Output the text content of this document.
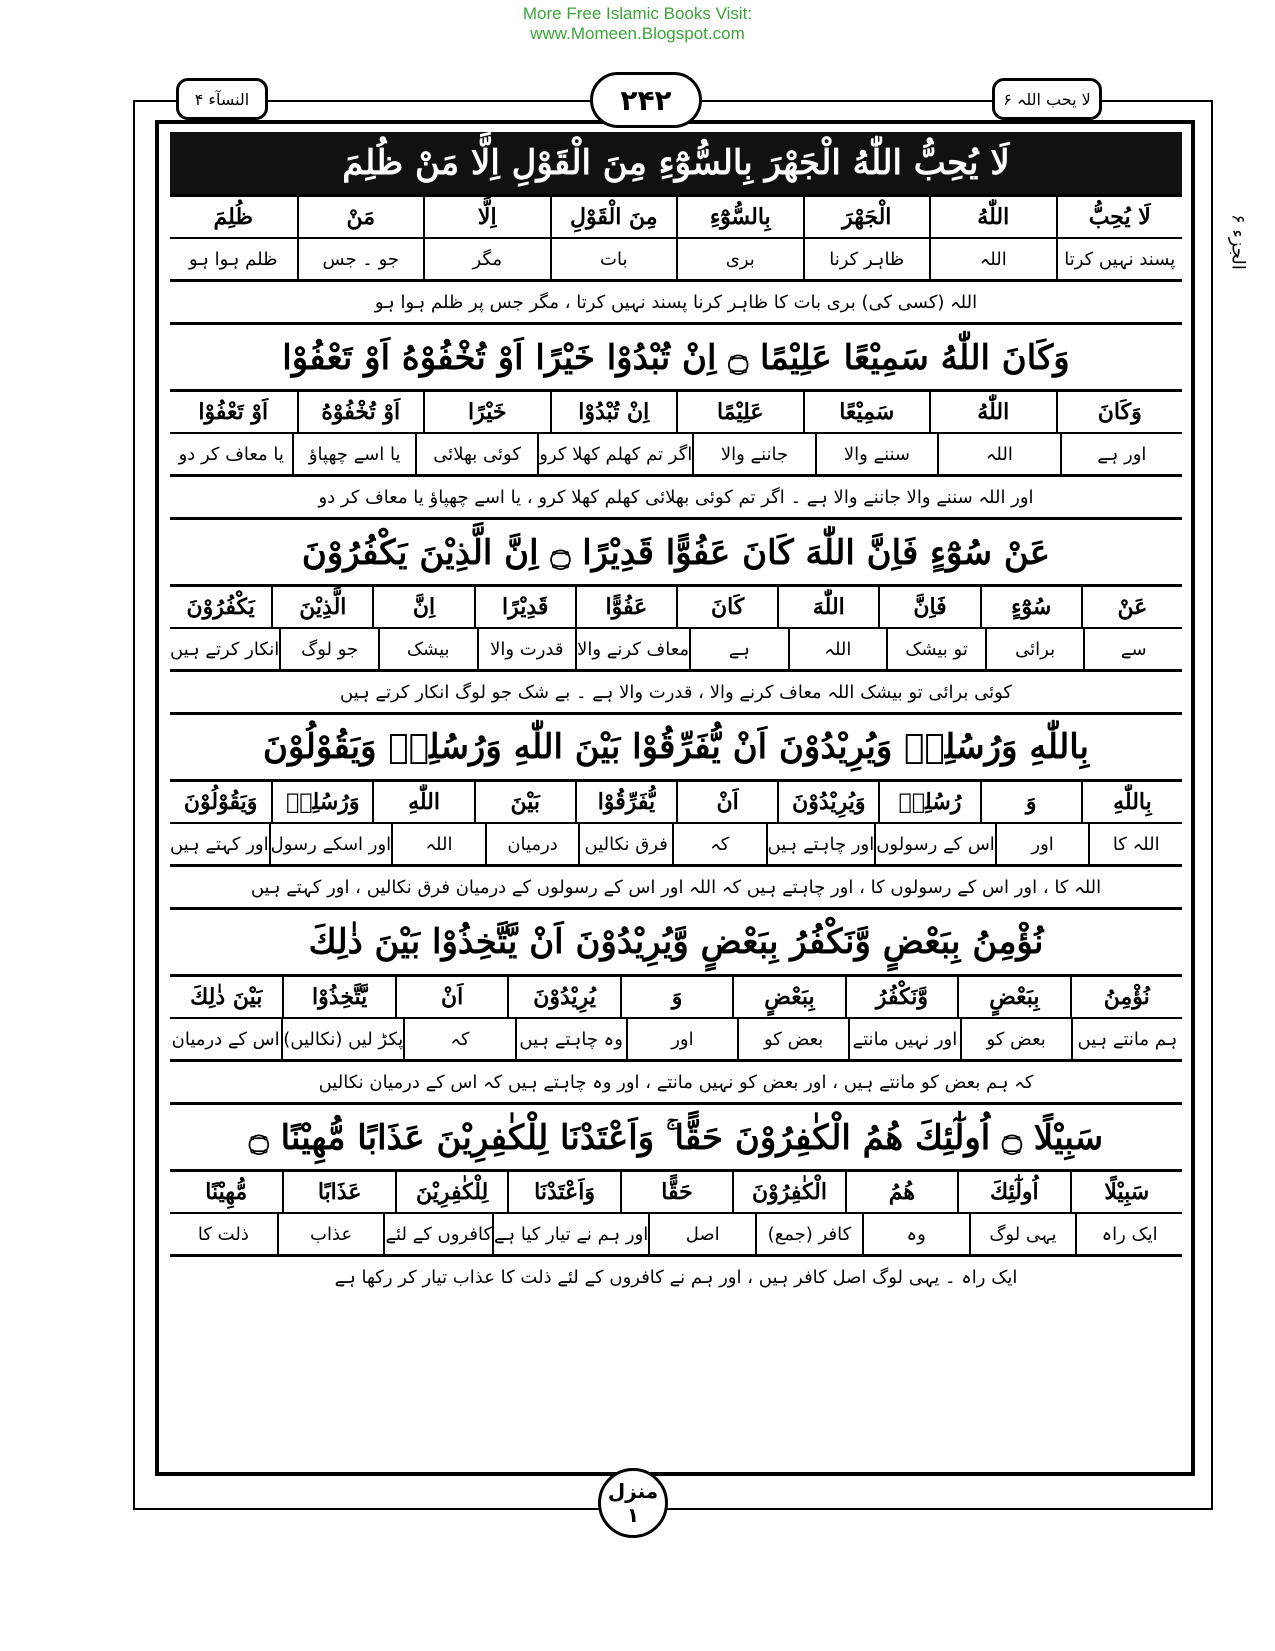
More Free Islamic Books Visit:
www.Momeen.Blogspot.com
النسآء ۴	۲۴۲	لا یحب اللہ ۶
الجزء ۶
لَا يُحِبُّ اللّٰهُ الْجَهْرَ بِالسُّوْٓءِ مِنَ الْقَوْلِ اِلَّا مَنْ ظُلِمَ
لَا يُحِبُّ
اللّٰهُ
الْجَهْرَ
بِالسُّوْٓءِ
مِنَ الْقَوْلِ
اِلَّا
مَنْ
ظُلِمَ
پسند نہیں کرتا
اللہ
ظاہر کرنا
بری
بات
مگر
جو ۔ جس
ظلم ہوا ہو
اللہ (کسی کی) بری بات کا ظاہر کرنا پسند نہیں کرتا ، مگر جس پر ظلم ہوا ہو
وَكَانَ اللّٰهُ سَمِيْعًا عَلِيْمًا ۝ اِنْ تُبْدُوْا خَيْرًا اَوْ تُخْفُوْهُ اَوْ تَعْفُوْا
وَكَانَ
اللّٰهُ
سَمِيْعًا
عَلِيْمًا
اِنْ تُبْدُوْا
خَيْرًا
اَوْ تُخْفُوْهُ
اَوْ تَعْفُوْا
اور ہے
اللہ
سننے والا
جاننے والا
اگر تم کھلم کھلا کرو
کوئی بھلائی
یا اسے چھپاؤ
یا معاف کر دو
اور اللہ سننے والا جاننے والا ہے ۔ اگر تم کوئی بھلائی کھلم کھلا کرو ، یا اسے چھپاؤ یا معاف کر دو
عَنْ سُوْٓءٍ فَاِنَّ اللّٰهَ كَانَ عَفُوًّا قَدِيْرًا ۝ اِنَّ الَّذِيْنَ يَكْفُرُوْنَ
عَنْ
سُوْٓءٍ
فَاِنَّ
اللّٰهَ
كَانَ
عَفُوًّا
قَدِيْرًا
اِنَّ
الَّذِيْنَ
يَكْفُرُوْنَ
سے
برائی
تو بیشک
اللہ
ہے
معاف کرنے والا
قدرت والا
بیشک
جو لوگ
انکار کرتے ہیں
کوئی برائی تو بیشک اللہ معاف کرنے والا ، قدرت والا ہے ۔ بے شک جو لوگ انکار کرتے ہیں
بِاللّٰهِ وَرُسُلِهٖ وَيُرِيْدُوْنَ اَنْ يُّفَرِّقُوْا بَيْنَ اللّٰهِ وَرُسُلِهٖ وَيَقُوْلُوْنَ
بِاللّٰهِ
وَ
رُسُلِهٖ
وَيُرِيْدُوْنَ
اَنْ
يُّفَرِّقُوْا
بَيْنَ
اللّٰهِ
وَرُسُلِهٖ
وَيَقُوْلُوْنَ
اللہ کا
اور
اس کے رسولوں
اور چاہتے ہیں
کہ
فرق نکالیں
درمیان
اللہ
اور اسکے رسول
اور کہتے ہیں
اللہ کا ، اور اس کے رسولوں کا ، اور چاہتے ہیں کہ اللہ اور اس کے رسولوں کے درمیان فرق نکالیں ، اور کہتے ہیں
نُؤْمِنُ بِبَعْضٍ وَّنَكْفُرُ بِبَعْضٍ وَّيُرِيْدُوْنَ اَنْ يَّتَّخِذُوْا بَيْنَ ذٰلِكَ
نُؤْمِنُ
بِبَعْضٍ
وَّنَكْفُرُ
بِبَعْضٍ
وَ
يُرِيْدُوْنَ
اَنْ
يَّتَّخِذُوْا
بَيْنَ ذٰلِكَ
ہم مانتے ہیں
بعض کو
اور نہیں مانتے
بعض کو
اور
وہ چاہتے ہیں
کہ
پکڑ لیں (نکالیں)
اس کے درمیان
کہ ہم بعض کو مانتے ہیں ، اور بعض کو نہیں مانتے ، اور وہ چاہتے ہیں کہ اس کے درمیان نکالیں
سَبِيْلًا ۝ اُولٰٓئِكَ هُمُ الْكٰفِرُوْنَ حَقًّا ۚ وَاَعْتَدْنَا لِلْكٰفِرِيْنَ عَذَابًا مُّهِيْنًا ۝
سَبِيْلًا
اُولٰٓئِكَ
هُمُ
الْكٰفِرُوْنَ
حَقًّا
وَاَعْتَدْنَا
لِلْكٰفِرِيْنَ
عَذَابًا
مُّهِيْنًا
ایک راہ
یہی لوگ
وہ
کافر (جمع)
اصل
اور ہم نے تیار کیا ہے
کافروں کے لئے
عذاب
ذلت کا
ایک راہ ۔ یہی لوگ اصل کافر ہیں ، اور ہم نے کافروں کے لئے ذلت کا عذاب تیار کر رکھا ہے
منزل
۱
